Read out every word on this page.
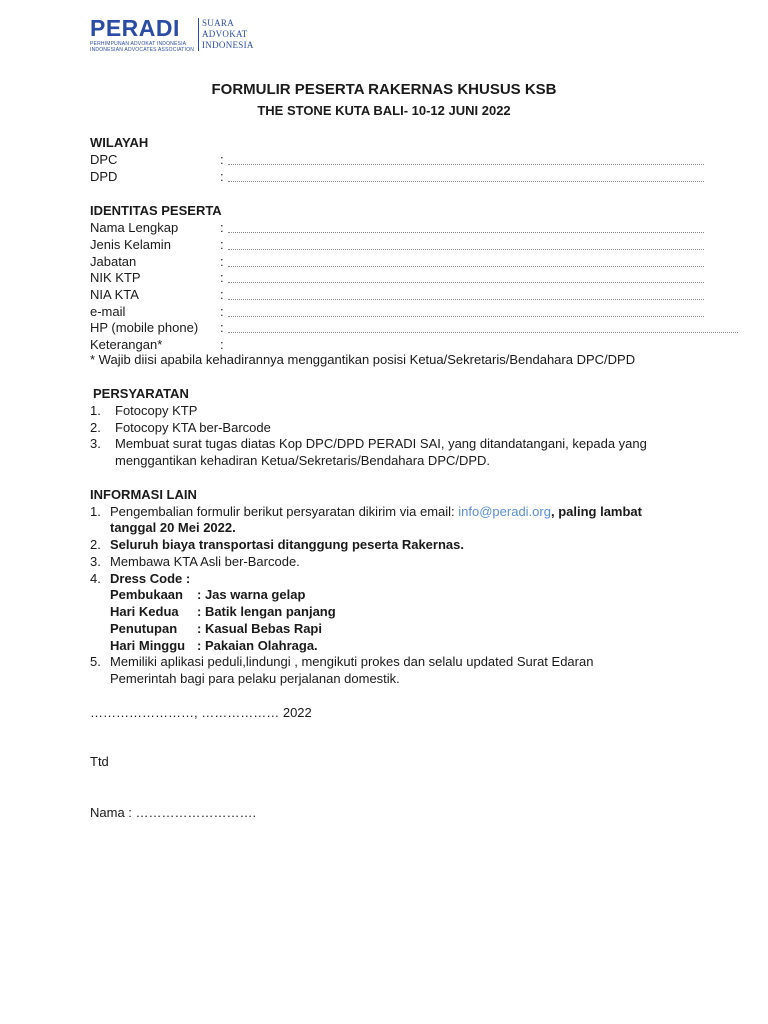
PERADI
PERHIMPUNAN ADVOKAT INDONESIA
INDONESIAN ADVOCATES ASSOCIATION
SUARA
ADVOKAT
INDONESIA
FORMULIR PESERTA RAKERNAS KHUSUS KSB
THE STONE KUTA BALI- 10-12 JUNI 2022
WILAYAH
DPC	:
DPD	:
IDENTITAS PESERTA
Nama Lengkap	:
Jenis Kelamin	:
Jabatan	:
NIK KTP	:
NIA KTA	:
e-mail	:
HP (mobile phone) :
Keterangan*	:
* Wajib diisi apabila kehadirannya menggantikan posisi Ketua/Sekretaris/Bendahara DPC/DPD
PERSYARATAN
1. Fotocopy KTP
2. Fotocopy KTA ber-Barcode
3. Membuat surat tugas diatas Kop DPC/DPD PERADI SAI, yang ditandatangani, kepada yang
menggantikan kehadiran Ketua/Sekretaris/Bendahara DPC/DPD.
INFORMASI LAIN
1. Pengembalian formulir berikut persyaratan dikirim via email: info@peradi.org, paling lambat
tanggal 20 Mei 2022.
2. Seluruh biaya transportasi ditanggung peserta Rakernas.
3. Membawa KTA Asli ber-Barcode.
4. Dress Code :
Pembukaan : Jas warna gelap
Hari Kedua : Batik lengan panjang
Penutupan : Kasual Bebas Rapi
Hari Minggu : Pakaian Olahraga.
5. Memiliki aplikasi peduli,lindungi , mengikuti prokes dan selalu updated Surat Edaran
Pemerintah bagi para pelaku perjalanan domestik.
……………………, ……………… 2022
Ttd
Nama : ……………………….
